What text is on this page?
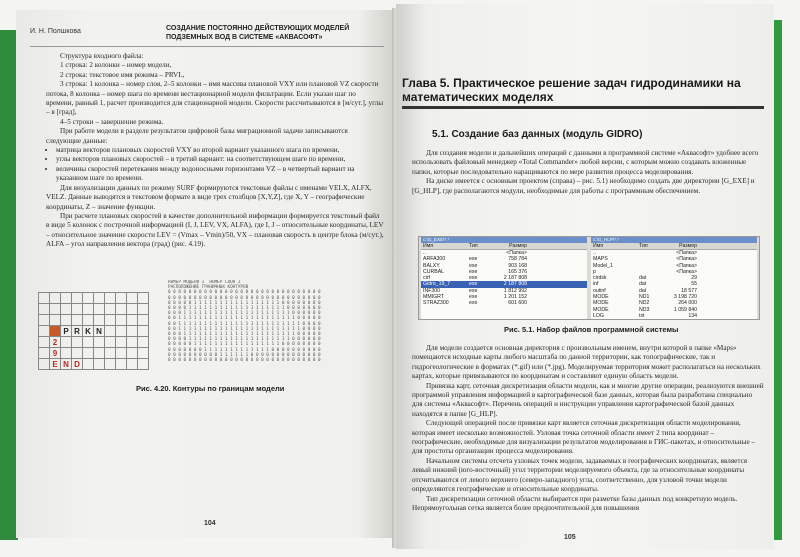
И. Н. Полшкова	СОЗДАНИЕ ПОСТОЯННО ДЕЙСТВУЮЩИХ МОДЕЛЕЙ ПОДЗЕМНЫХ ВОД В СИСТЕМЕ «АКВАСОФТ»

Структура входного файла:

1 строка: 2 колонки – номер модели,

2 строка: текстовое имя режима – PRVL,

3 строка: 1 колонка – номер слоя, 2–5 колонки – имя массива плановой VXY или плановой VZ скорости потока, 8 колонка – номер шага по времени вестационарной модели фильтрации. Если указан шаг по времени, равный 1, расчет производится для стационарной модели. Скорости рассчитываются в [м/сут.], углы – в [град],

4–5 строки – завершение режима.

При работе модели в разделе результатов цифровой базы миграционной задачи записываются следующие данные:

• матрица векторов плановых скоростей VXY во второй вариант указанного шага по времени,
• углы векторов плановых скоростей – в третий вариант: на соответствующем шаге по времени,
• величины скоростей перетекания между водоносными горизонтами VZ – в четвертый вариант на указанном шаге по времени.

Для визуализации данных по режиму SURF формируются текстовые файлы с именами VELX, ALFX, VELZ. Данные выводятся в текстовом формате в виде трех столбцов [X,Y,Z], где X, Y – географические координаты, Z – значение функции.

При расчете плановых скоростей в качестве дополнительной информации формируется текстовый файл в виде 5 колонок с построчной информацией (I, J, LEV, VX, ALFA), где I, J – относительные координаты, LEV – относительное значение скорости LEV = (Vmax – Vmin)/50, VX – плановая скорость в центре блока (м/сут.), ALFA – угол направления вектора (град) (рис. 4.19).

P R K N
2
9
E N D
НОМЕР МОДЕЛИ 1  НОМЕР СЛОЯ 2
РАСПОЛОЖЕНИЕ ГРАНИЧНЫХ КОНТУРОВ
0 0 0 0 0 0 0 0 0 0 0 0 0 0 0 0 0 0 0 0 0 0 0 0 0 0 0 0 0 0
0 0 0 0 0 0 0 0 0 0 0 0 0 0 0 0 0 0 0 0 0 0 0 0 0 0 0 0 0 0
0 0 0 0 0 1 1 1 1 1 1 1 1 1 1 1 1 1 1 1 1 1 0 0 0 0 0 0 0 0
0 0 0 0 1 1 1 1 1 1 1 1 1 1 1 1 1 1 1 1 1 1 1 0 0 0 0 0 0 0
0 0 0 1 1 1 1 1 1 1 1 1 1 1 1 1 1 1 1 1 1 1 1 1 0 0 0 0 0 0
0 0 1 1 1 1 1 1 1 1 1 1 1 1 1 1 1 1 1 1 1 1 1 1 1 0 0 0 0 0
0 0 1 1 1 1 1 1 1 1 1 1 1 1 1 1 1 1 1 1 1 1 1 1 1 1 0 0 0 0
0 0 1 1 1 1 1 1 1 1 1 1 1 1 1 1 1 1 1 1 1 1 1 1 1 1 0 0 0 0
0 0 0 1 1 1 1 1 1 1 1 1 1 1 1 1 1 1 1 1 1 1 1 1 1 0 0 0 0 0
0 0 0 0 1 1 1 1 1 1 1 1 1 1 1 1 1 1 1 1 1 1 1 1 0 0 0 0 0 0
0 0 0 0 0 1 1 1 1 1 1 1 1 1 1 1 1 1 1 1 1 1 0 0 0 0 0 0 0 0
0 0 0 0 0 0 0 1 1 1 1 1 1 1 1 1 1 1 1 1 0 0 0 0 0 0 0 0 0 0
0 0 0 0 0 0 0 0 0 0 1 1 1 1 1 1 0 0 0 0 0 0 0 0 0 0 0 0 0 0
0 0 0 0 0 0 0 0 0 0 0 0 0 0 0 0 0 0 0 0 0 0 0 0 0 0 0 0 0 0
Рис. 4.20. Контуры по границам модели
104
Глава 5. Практическое решение задач гидродинамики на математических моделях
5.1. Создание баз данных (модуль GIDRO)

Для создания модели и дальнейших операций с данными в программной системе «Аквасофт» удобнее всего использовать файловый менеджер «Total Commander» любой версии, с которым можно создавать вложенные папки, которые последовательно наращиваются по мере развития процесса моделирования.

На диске имеется с основным проектом (справа) – рис. 5.1) необходимо создать две директории [G_EXE] и [G_HLP], где располагаются модули, необходимые для работы с программным обеспечением.

c:\G_EXE\*.*
Имя	Тип	Размер
..	<Папка>
ARFA300	exe	758 784
BALXY	exe	903 168
CURBAL	exe	165 376
cirf	exe	2 187 808
Gidro_19_7	exe	2 187 808
INF300	exe	1 812 992
MMIGRT	exe	1 201 152
STRAZ300	exe	601 600
c:\G_HLP\*.*
Имя	Тип	Размер
..	<Папка>
MAPS	<Папка>
Model_1	<Папка>
p	<Папка>
cirdsk	dat	29
inf	dat	55
outinf	dat	18 577
MODE	ND1	3 198 720
MODE	ND2	264 000
MODE	ND3	1 059 840
LOG	txt	134
Рис. 5.1. Набор файлов программной системы

Для модели создается основная директория с произвольным именем, внутри которой в папке «Maps» помещаются исходные карты любого масштаба по данной территории, как топографические, так и гидрогеологические в форматах (*.gif) или (*.jpg). Моделируемая территория может располагаться на нескольких картах, которые привязываются по координатам и составляют единую область модели.

Привязка карт, сеточная дискретизация области модели, как и многие другие операции, реализуются внешней программой управления информацией в картографической базе данных, которая была разработана специально для системы «Аквасофт». Перечень операций и инструкции управления картографической базой данных находятся в папке [G_HLP].

Следующей операцией после привязки карт является сеточная дискретизация области моделирования, которая имеет несколько возможностей. Узловая точка сеточной области имеет 2 типа координат – географические, необходимые для визуализации результатов моделирования в ГИС-пакетах, и относительные – для простоты организации процесса моделирования.

Начальном системы отсчета узловых точек модели, задаваемых в географических координатах, является левый нижний (юго-восточный) угол территории моделируемого объекта, где за относительные координаты отсчитываются от левого верхнего (северо-западного) угла, соответственно, для узловой точки модели определяются географические и относительные координаты.

Тип дискретизации сеточной области выбирается при разметке базы данных под конкретную модель. Непрямоугольная сетка является более предпочтительной для повышения

105
